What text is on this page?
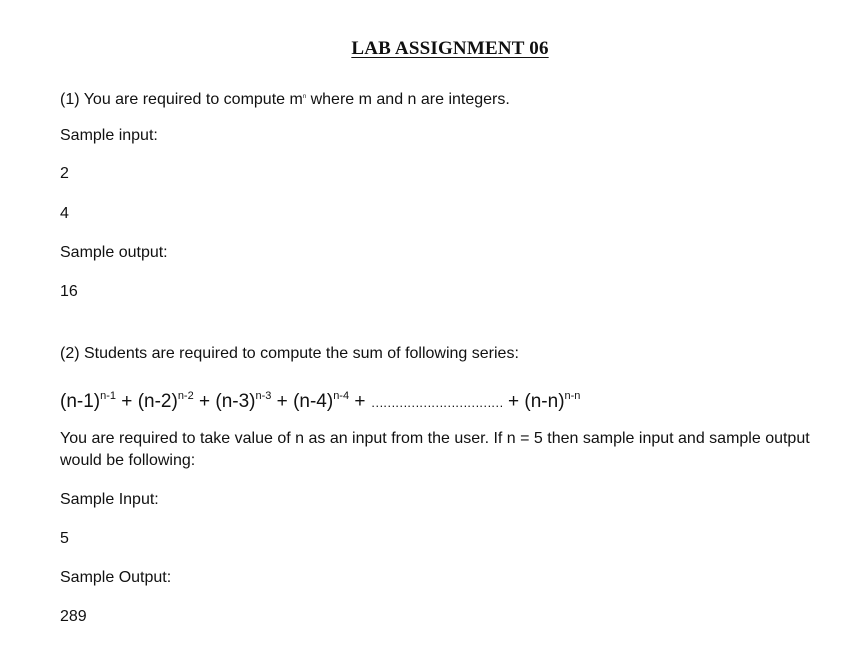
LAB ASSIGNMENT 06
(1) You are required to compute $m^n$ where m and n are integers.
Sample input:
2
4
Sample output:
16
(2) Students are required to compute the sum of following series:
$(n-1)^{n-1} + (n-2)^{n-2} + (n-3)^{n-3} + (n-4)^{n-4}$ + …………………………… + $(n-n)^{n-n}$
You are required to take value of n as an input from the user. If n = 5 then sample input and sample output would be following:
Sample Input:
5
Sample Output:
289
